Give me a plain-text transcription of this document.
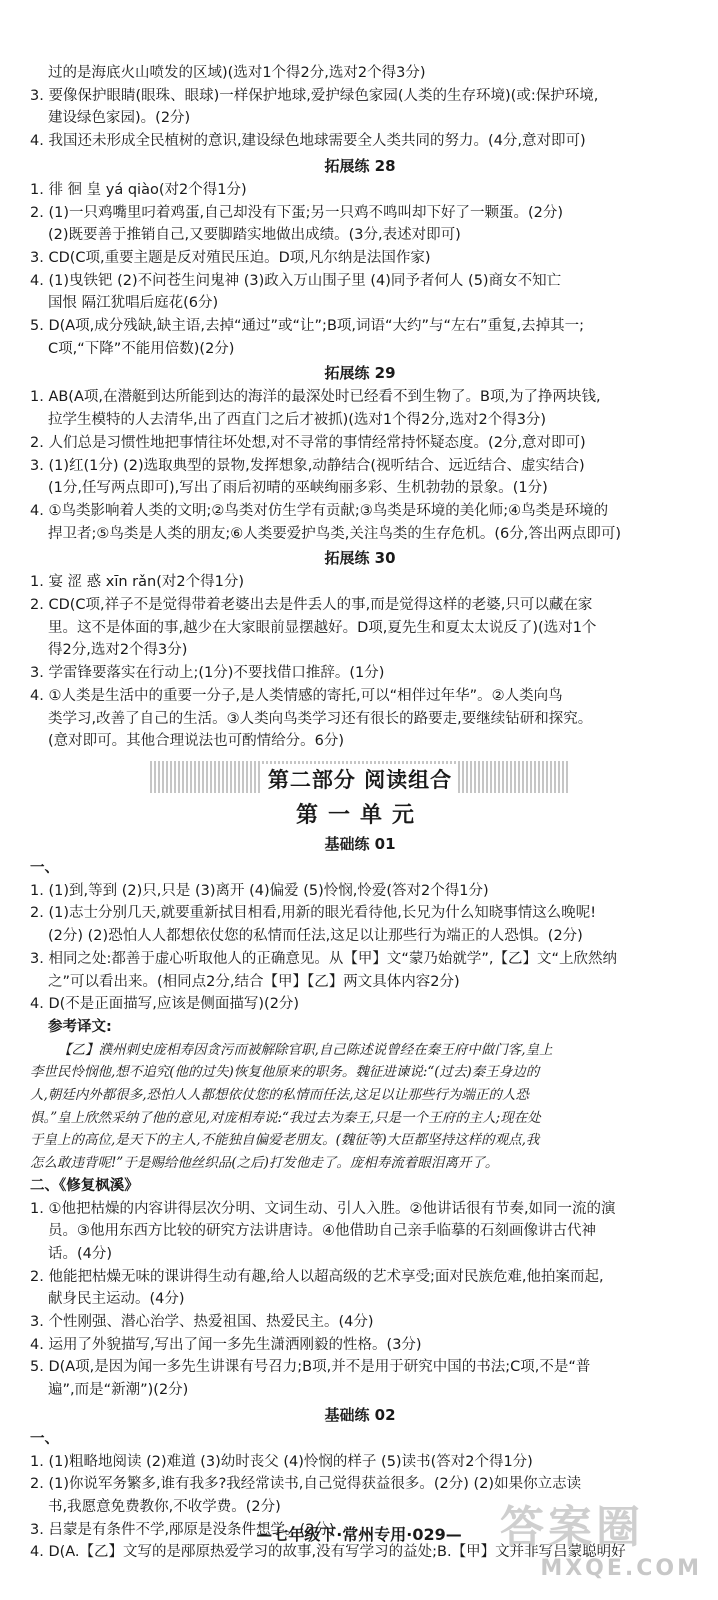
过的是海底火山喷发的区域)(选对1个得2分,选对2个得3分)
3. 要像保护眼睛(眼珠、眼球)一样保护地球,爱护绿色家园(人类的生存环境)(或:保护环境,
建设绿色家园)。(2分)
4. 我国还未形成全民植树的意识,建设绿色地球需要全人类共同的努力。(4分,意对即可)
拓展练 28
1. 徘 徊 皇 yá qiào(对2个得1分)
2. (1)一只鸡嘴里叼着鸡蛋,自己却没有下蛋;另一只鸡不鸣叫却下好了一颗蛋。(2分)
(2)既要善于推销自己,又要脚踏实地做出成绩。(3分,表述对即可)
3. CD(C项,重要主题是反对殖民压迫。D项,凡尔纳是法国作家)
4. (1)曳铁钯 (2)不问苍生问鬼神 (3)政入万山围子里 (4)同予者何人 (5)商女不知亡
国恨 隔江犹唱后庭花(6分)
5. D(A项,成分残缺,缺主语,去掉“通过”或“让”;B项,词语“大约”与“左右”重复,去掉其一;
C项,“下降”不能用倍数)(2分)
拓展练 29
1. AB(A项,在潜艇到达所能到达的海洋的最深处时已经看不到生物了。B项,为了挣两块钱,
拉学生模特的人去清华,出了西直门之后才被抓)(选对1个得2分,选对2个得3分)
2. 人们总是习惯性地把事情往坏处想,对不寻常的事情经常持怀疑态度。(2分,意对即可)
3. (1)红(1分) (2)选取典型的景物,发挥想象,动静结合(视听结合、远近结合、虚实结合)
(1分,任写两点即可),写出了雨后初晴的巫峡绚丽多彩、生机勃勃的景象。(1分)
4. ①鸟类影响着人类的文明;②鸟类对仿生学有贡献;③鸟类是环境的美化师;④鸟类是环境的
捍卫者;⑤鸟类是人类的朋友;⑥人类要爱护鸟类,关注鸟类的生存危机。(6分,答出两点即可)
拓展练 30
1. 宴 涩 惑 xīn rǎn(对2个得1分)
2. CD(C项,祥子不是觉得带着老婆出去是件丢人的事,而是觉得这样的老婆,只可以藏在家
里。这不是体面的事,越少在大家眼前显摆越好。D项,夏先生和夏太太说反了)(选对1个
得2分,选对2个得3分)
3. 学雷锋要落实在行动上;(1分)不要找借口推辞。(1分)
4. ①人类是生活中的重要一分子,是人类情感的寄托,可以“相伴过年华”。②人类向鸟
类学习,改善了自己的生活。③人类向鸟类学习还有很长的路要走,要继续钻研和探究。
(意对即可。其他合理说法也可酌情给分。6分)
第二部分 阅读组合
第一单元
基础练 01
一、
1. (1)到,等到 (2)只,只是 (3)离开 (4)偏爱 (5)怜悯,怜爱(答对2个得1分)
2. (1)志士分别几天,就要重新拭目相看,用新的眼光看待他,长兄为什么知晓事情这么晚呢!
(2分) (2)恐怕人人都想依仗您的私情而任法,这足以让那些行为端正的人恐惧。(2分)
3. 相同之处:都善于虚心听取他人的正确意见。从【甲】文“蒙乃始就学”,【乙】文“上欣然纳
之”可以看出来。(相同点2分,结合【甲】【乙】两文具体内容2分)
4. D(不是正面描写,应该是侧面描写)(2分)
参考译文:
【乙】濮州刺史庞相寿因贪污而被解除官职,自己陈述说曾经在秦王府中做门客,皇上
李世民怜悯他,想不追究(他的过失)恢复他原来的职务。魏征进谏说:“(过去)秦王身边的
人,朝廷内外都很多,恐怕人人都想依仗您的私情而任法,这足以让那些行为端正的人恐
惧。”皇上欣然采纳了他的意见,对庞相寿说:“我过去为秦王,只是一个王府的主人;现在处
于皇上的高位,是天下的主人,不能独自偏爱老朋友。(魏征等)大臣都坚持这样的观点,我
怎么敢违背呢!”于是赐给他丝织品(之后)打发他走了。庞相寿流着眼泪离开了。
二、《修复枫溪》
1. ①他把枯燥的内容讲得层次分明、文词生动、引人入胜。②他讲话很有节奏,如同一流的演
员。③他用东西方比较的研究方法讲唐诗。④他借助自己亲手临摹的石刻画像讲古代神
话。(4分)
2. 他能把枯燥无味的课讲得生动有趣,给人以超高级的艺术享受;面对民族危难,他拍案而起,
献身民主运动。(4分)
3. 个性刚强、潜心治学、热爱祖国、热爱民主。(4分)
4. 运用了外貌描写,写出了闻一多先生潇洒刚毅的性格。(3分)
5. D(A项,是因为闻一多先生讲课有号召力;B项,并不是用于研究中国的书法;C项,不是“普
遍”,而是“新潮”)(2分)
基础练 02
一、
1. (1)粗略地阅读 (2)难道 (3)幼时丧父 (4)怜悯的样子 (5)读书(答对2个得1分)
2. (1)你说军务繁多,谁有我多?我经常读书,自己觉得获益很多。(2分) (2)如果你立志读
书,我愿意免费教你,不收学费。(2分)
3. 吕蒙是有条件不学,邴原是没条件想学。(2分)
4. D(A.【乙】文写的是邴原热爱学习的故事,没有写学习的益处;B.【甲】文并非写吕蒙聪明好
—七年级下·常州专用·029— 答案圈
MXQE.COM
